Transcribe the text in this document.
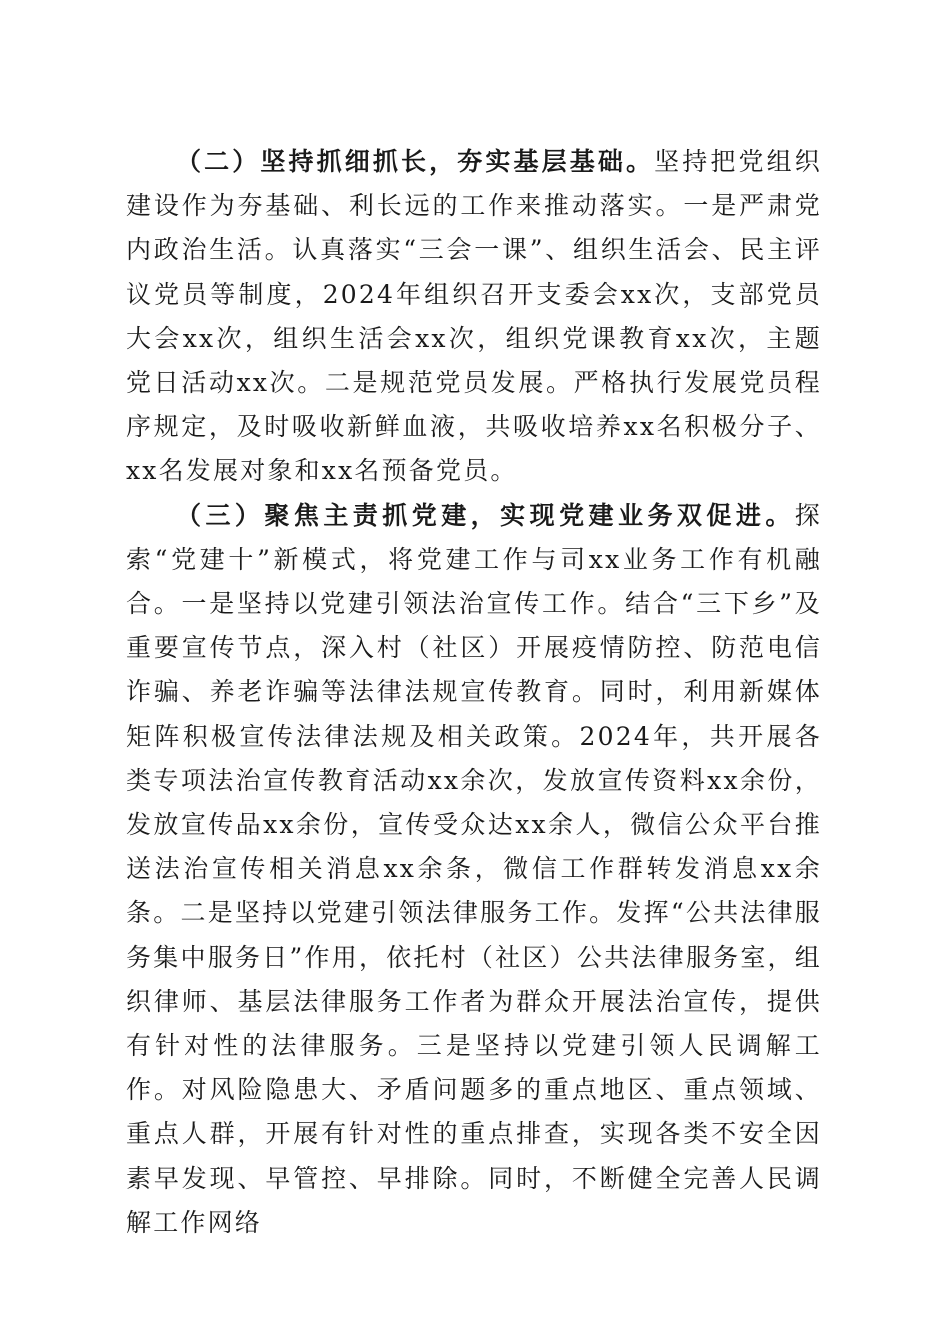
（二）坚持抓细抓长，夯实基层基础。坚持把党组织建设作为夯基础、利长远的工作来推动落实。一是严肃党内政治生活。认真落实“三会一课”、组织生活会、民主评议党员等制度，2024年组织召开支委会xx次，支部党员大会xx次，组织生活会xx次，组织党课教育xx次，主题党日活动xx次。二是规范党员发展。严格执行发展党员程序规定，及时吸收新鲜血液，共吸收培养xx名积极分子、xx名发展对象和xx名预备党员。

（三）聚焦主责抓党建，实现党建业务双促进。探索“党建十”新模式，将党建工作与司xx业务工作有机融合。一是坚持以党建引领法治宣传工作。结合“三下乡”及重要宣传节点，深入村（社区）开展疫情防控、防范电信诈骗、养老诈骗等法律法规宣传教育。同时，利用新媒体矩阵积极宣传法律法规及相关政策。2024年，共开展各类专项法治宣传教育活动xx余次，发放宣传资料xx余份，发放宣传品xx余份，宣传受众达xx余人，微信公众平台推送法治宣传相关消息xx余条，微信工作群转发消息xx余条。二是坚持以党建引领法律服务工作。发挥“公共法律服务集中服务日”作用，依托村（社区）公共法律服务室，组织律师、基层法律服务工作者为群众开展法治宣传，提供有针对性的法律服务。三是坚持以党建引领人民调解工作。对风险隐患大、矛盾问题多的重点地区、重点领域、重点人群，开展有针对性的重点排查，实现各类不安全因素早发现、早管控、早排除。同时，不断健全完善人民调解工作网络
